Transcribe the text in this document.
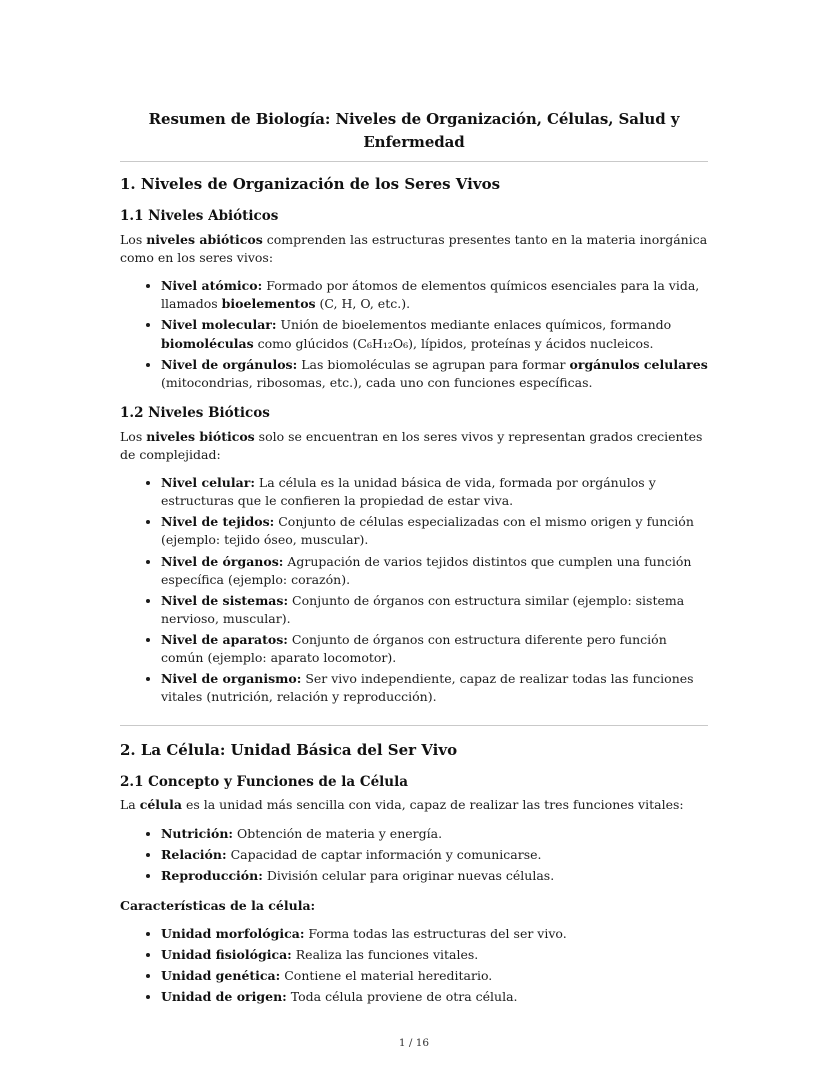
Resumen de Biología: Niveles de Organización, Células, Salud y Enfermedad
1. Niveles de Organización de los Seres Vivos
1.1 Niveles Abióticos

Los niveles abióticos comprenden las estructuras presentes tanto en la materia inorgánica como en los seres vivos:

• Nivel atómico: Formado por átomos de elementos químicos esenciales para la vida, llamados bioelementos (C, H, O, etc.).
• Nivel molecular: Unión de bioelementos mediante enlaces químicos, formando biomoléculas como glúcidos (C₆H₁₂O₆), lípidos, proteínas y ácidos nucleicos.
• Nivel de orgánulos: Las biomoléculas se agrupan para formar orgánulos celulares (mitocondrias, ribosomas, etc.), cada uno con funciones específicas.
1.2 Niveles Bióticos

Los niveles bióticos solo se encuentran en los seres vivos y representan grados crecientes de complejidad:

• Nivel celular: La célula es la unidad básica de vida, formada por orgánulos y estructuras que le confieren la propiedad de estar viva.
• Nivel de tejidos: Conjunto de células especializadas con el mismo origen y función (ejemplo: tejido óseo, muscular).
• Nivel de órganos: Agrupación de varios tejidos distintos que cumplen una función específica (ejemplo: corazón).
• Nivel de sistemas: Conjunto de órganos con estructura similar (ejemplo: sistema nervioso, muscular).
• Nivel de aparatos: Conjunto de órganos con estructura diferente pero función común (ejemplo: aparato locomotor).
• Nivel de organismo: Ser vivo independiente, capaz de realizar todas las funciones vitales (nutrición, relación y reproducción).
2. La Célula: Unidad Básica del Ser Vivo
2.1 Concepto y Funciones de la Célula

La célula es la unidad más sencilla con vida, capaz de realizar las tres funciones vitales:

• Nutrición: Obtención de materia y energía.
• Relación: Capacidad de captar información y comunicarse.
• Reproducción: División celular para originar nuevas células.

Características de la célula:

• Unidad morfológica: Forma todas las estructuras del ser vivo.
• Unidad fisiológica: Realiza las funciones vitales.
• Unidad genética: Contiene el material hereditario.
• Unidad de origen: Toda célula proviene de otra célula.
1 / 16
